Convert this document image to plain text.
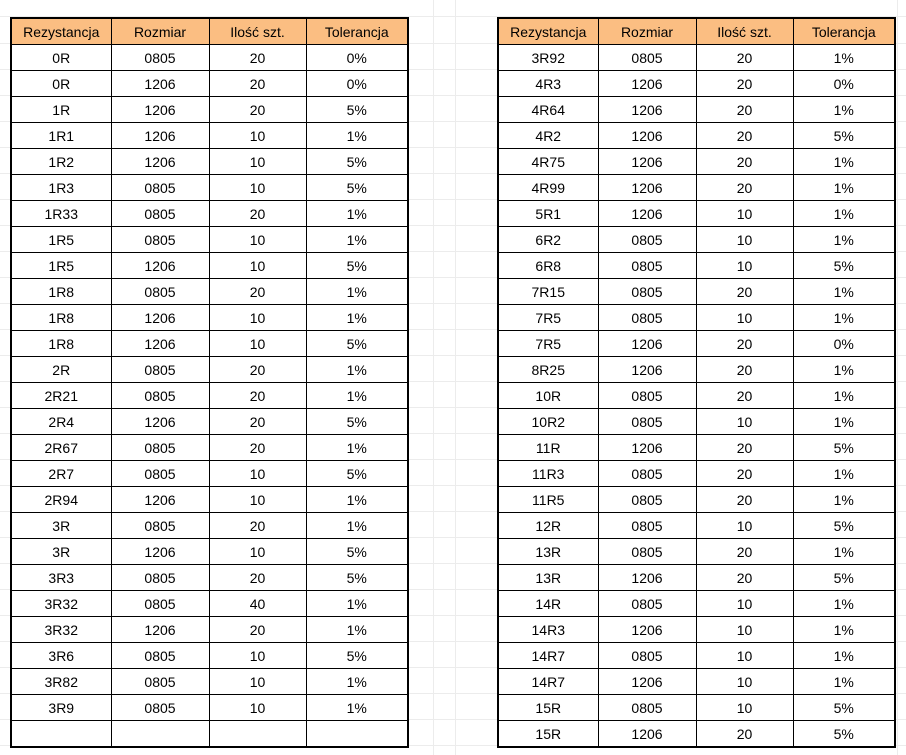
Rezystancja	Rozmiar	Ilość szt.	Tolerancja
0R	0805	20	0%
0R	1206	20	0%
1R	1206	20	5%
1R1	1206	10	1%
1R2	1206	10	5%
1R3	0805	10	5%
1R33	0805	20	1%
1R5	0805	10	1%
1R5	1206	10	5%
1R8	0805	20	1%
1R8	1206	10	1%
1R8	1206	10	5%
2R	0805	20	1%
2R21	0805	20	1%
2R4	1206	20	5%
2R67	0805	20	1%
2R7	0805	10	5%
2R94	1206	10	1%
3R	0805	20	1%
3R	1206	10	5%
3R3	0805	20	5%
3R32	0805	40	1%
3R32	1206	20	1%
3R6	0805	10	5%
3R82	0805	10	1%
3R9	0805	10	1%

Rezystancja	Rozmiar	Ilość szt.	Tolerancja
3R92	0805	20	1%
4R3	1206	20	0%
4R64	1206	20	1%
4R2	1206	20	5%
4R75	1206	20	1%
4R99	1206	20	1%
5R1	1206	10	1%
6R2	0805	10	1%
6R8	0805	10	5%
7R15	0805	20	1%
7R5	0805	10	1%
7R5	1206	20	0%
8R25	1206	20	1%
10R	0805	20	1%
10R2	0805	10	1%
11R	1206	20	5%
11R3	0805	20	1%
11R5	0805	20	1%
12R	0805	10	5%
13R	0805	20	1%
13R	1206	20	5%
14R	0805	10	1%
14R3	1206	10	1%
14R7	0805	10	1%
14R7	1206	10	1%
15R	0805	10	5%
15R	1206	20	5%
